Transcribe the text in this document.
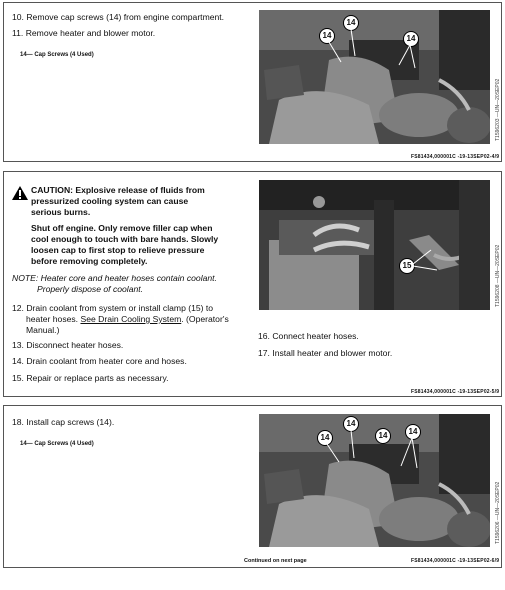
10. Remove cap screws (14) from engine compartment.
11. Remove heater and blower motor.
14— Cap Screws (4 Used)
14
14
14
T1596203 —UN—20SEP02
FS81434,000001C -19-13SEP02-4/9
CAUTION: Explosive release of fluids from
pressurized cooling system can cause
serious burns.
Shut off engine. Only remove filler cap when
cool enough to touch with bare hands. Slowly
loosen cap to first stop to relieve pressure
before removing completely.
NOTE: Heater core and heater hoses contain coolant.
Properly dispose of coolant.
12. Drain coolant from system or install clamp (15) to
heater hoses. See Drain Cooling System. (Operator's
Manual.)
13. Disconnect heater hoses.
14. Drain coolant from heater core and hoses.
15. Repair or replace parts as necessary.
16. Connect heater hoses.
17. Install heater and blower motor.
15	T1596208 —UN—20SEP02
FS81434,000001C -19-13SEP02-5/9
18. Install cap screws (14).
14— Cap Screws (4 Used)
14
14
14	14
T1596206 —UN—20SEP02
Continued on next page	FS81434,000001C -19-13SEP02-6/9
